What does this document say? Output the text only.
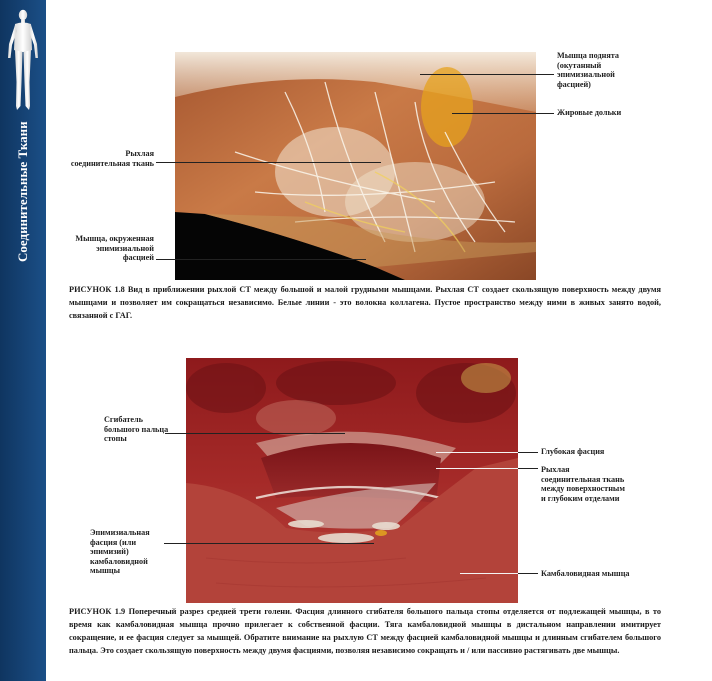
Соединительные Ткани
Мышца поднята (окутанный эпимизиальной фасцией)
Жировые дольки
Рыхлая соединительная ткань
Мышца, окруженная эпимизиальной фасцией
РИСУНОК 1.8 Вид в приближении рыхлой СТ между большой и малой грудными мышцами. Рыхлая СТ создает скользящую поверхность между двумя мышцами и позволяет им сокращаться независимо. Белые линии - это волокна коллагена. Пустое пространство между ними в живых занято водой, связанной с ГАГ.
Сгибатель большого пальца стопы
Глубокая фасция
Рыхлая соединительная ткань между поверхностным и глубоким отделами
Эпимизиальная фасция (или эпимизий) камбаловидной мышцы	Камбаловидная мышца
РИСУНОК 1.9 Поперечный разрез средней трети голени. Фасция длинного сгибателя большого пальца стопы отделяется от подлежащей мышцы, в то время как камбаловидная мышца прочно прилегает к собственной фасции. Тяга камбаловидной мышцы в дистальном направлении имитирует сокращение, и ее фасция следует за мышцей. Обратите внимание на рыхлую СТ между фасцией камбаловидной мышцы и длинным сгибателем большого пальца. Это создает скользящую поверхность между двумя фасциями, позволяя независимо сокращать и / или пассивно растягивать две мышцы.
